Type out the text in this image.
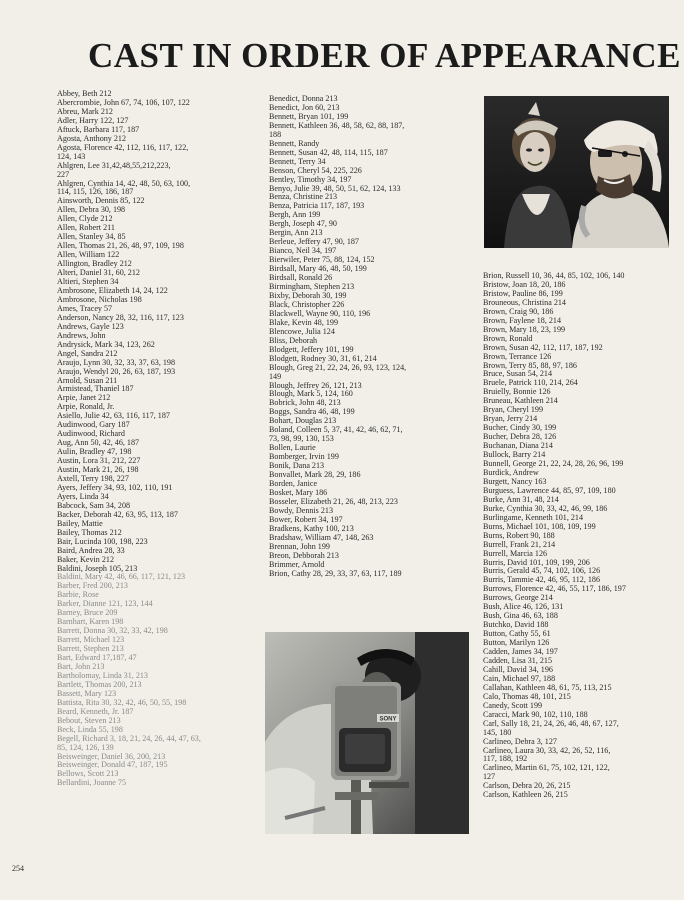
CAST IN ORDER OF APPEARANCE
Abbey, Beth 212
Abercrombie, John 67, 74, 106, 107, 122
Abreu, Mark 212
Adler, Harry 122, 127
Aftuck, Barbara 117, 187
Agosta, Anthony 212
Agosta, Florence 42, 112, 116, 117, 122,
124, 143
Ahlgren, Lee 31,42,48,55,212,223,
227
Ahlgren, Cynthia 14, 42, 48, 50, 63, 100,
114, 115, 126, 186, 187
Ainsworth, Dennis 85, 122
Allen, Debra 30, 198
Allen, Clyde 212
Allen, Robert 211
Allen, Stanley 34, 85
Allen, Thomas 21, 26, 48, 97, 109, 198
Allen, William 122
Allington, Bradley 212
Alteri, Daniel 31, 60, 212
Altieri, Stephen 34
Ambrosone, Elizabeth 14, 24, 122
Ambrosone, Nicholas 198
Ames, Tracey 57
Anderson, Nancy 28, 32, 116, 117, 123
Andrews, Gayle 123
Andrews, John
Andrysick, Mark 34, 123, 262
Angel, Sandra 212
Araujo, Lynn 30, 32, 33, 37, 63, 198
Araujo, Wendyl 20, 26, 63, 187, 193
Arnold, Susan 211
Armistead, Thaniel 187
Arpie, Janet 212
Arpie, Ronald, Jr.
Asiello, Julie 42, 63, 116, 117, 187
Audinwood, Gary 187
Audinwood, Richard
Aug, Ann 50, 42, 46, 187
Aulin, Bradley 47, 198
Austin, Lora 31, 212, 227
Austin, Mark 21, 26, 198
Axtell, Terry 198, 227
Ayers, Jeffery 34, 93, 102, 110, 191
Ayers, Linda 34
Babcock, Sam 34, 208
Backer, Deborah 42, 63, 95, 113, 187
Bailey, Mattie
Bailey, Thomas 212
Bair, Lucinda 100, 198, 223
Baird, Andrea 28, 33
Baker, Kevin 212
Baldini, Joseph 105, 213
Baldini, Mary 42, 46, 66, 117, 121, 123
Barber, Fred 200, 213
Barbie, Rose
Barker, Dianne 121, 123, 144
Barney, Bruce 209
Barnhart, Karen 198
Barrett, Donna 30, 32, 33, 42, 198
Barrett, Michael 123
Barrett, Stephen 213
Bart, Edward 17,187, 47
Bart, John 213
Bartholomay, Linda 31, 213
Bartlett, Thomas 200, 213
Bassett, Mary 123
Battista, Rita 30, 32, 42, 46, 50, 55, 198
Beard, Kenneth, Jr. 187
Bebout, Steven 213
Beck, Linda 55, 198
Begell, Richard 3, 18, 21, 24, 26, 44, 47, 63,
85, 124, 126, 139
Beisweinger, Daniel 36, 200, 213
Beisweinger, Donald 47, 187, 195
Bellows, Scott 213
Bellardini, Joanne 75
Benedict, Donna 213
Benedict, Jon 60, 213
Bennett, Bryan 101, 199
Bennett, Kathleen 36, 48, 58, 62, 88, 187,
188
Bennett, Randy
Bennett, Susan 42, 48, 114, 115, 187
Bennett, Terry 34
Benson, Cheryl 54, 225, 226
Bentley, Timothy 34, 197
Benyo, Julie 39, 48, 50, 51, 62, 124, 133
Benza, Christine 213
Benza, Patricia 117, 187, 193
Bergh, Ann 199
Bergh, Joseph 47, 90
Bergin, Ann 213
Berleue, Jeffery 47, 90, 187
Bianco, Neil 34, 197
Bierwiler, Peter 75, 88, 124, 152
Birdsall, Mary 46, 48, 50, 199
Birdsall, Ronald 26
Birmingham, Stephen 213
Bixby, Deborah 30, 199
Black, Christopher 226
Blackwell, Wayne 90, 110, 196
Blake, Kevin 48, 199
Blencowe, Julia 124
Bliss, Deborah
Blodgett, Jeffery 101, 199
Blodgett, Rodney 30, 31, 61, 214
Blough, Greg 21, 22, 24, 26, 93, 123, 124,
149
Blough, Jeffrey 26, 121, 213
Blough, Mark 5, 124, 160
Bobrick, John 48, 213
Boggs, Sandra 46, 48, 199
Bohart, Douglas 213
Boland, Colleen 5, 37, 41, 42, 46, 62, 71,
73, 98, 99, 130, 153
Bollen, Laurie
Bomberger, Irvin 199
Bonik, Dana 213
Bonvallet, Mark 28, 29, 186
Borden, Janice
Bosket, Mary 186
Bosseler, Elizabeth 21, 26, 48, 213, 223
Bowdy, Dennis 213
Bower, Robert 34, 197
Bradkens, Kathy 100, 213
Bradshaw, William 47, 148, 263
Brennan, John 199
Breon, Debborah 213
Brimmer, Arnold
Brion, Cathy 28, 29, 33, 37, 63, 117, 189
Brion, Russell 10, 36, 44, 85, 102, 106, 140
Bristow, Joan 18, 20, 186
Bristow, Pauline 86, 199
Brouneous, Christina 214
Brown, Craig 90, 186
Brown, Faylene 18, 214
Brown, Mary 18, 23, 199
Brown, Ronald
Brown, Susan 42, 112, 117, 187, 192
Brown, Terrance 126
Brown, Terry 85, 88, 97, 186
Bruce, Susan 54, 214
Bruele, Patrick 110, 214, 264
Bruielly, Bonnie 126
Bruneau, Kathleen 214
Bryan, Cheryl 199
Bryan, Jerry 214
Bucher, Cindy 30, 199
Bucher, Debra 28, 126
Buchanan, Diana 214
Bullock, Barry 214
Bunnell, George 21, 22, 24, 28, 26, 96, 199
Burdick, Andrew
Burgett, Nancy 163
Burguess, Lawrence 44, 85, 97, 109, 180
Burke, Ann 31, 48, 214
Burke, Cynthia 30, 33, 42, 46, 99, 186
Burlingame, Kenneth 101, 214
Burns, Michael 101, 108, 109, 199
Burns, Robert 90, 188
Burrell, Frank 21, 214
Burrell, Marcia 126
Burris, David 101, 109, 199, 206
Burris, Gerald 45, 74, 102, 106, 126
Burris, Tammie 42, 46, 95, 112, 186
Burrows, Florence 42, 46, 55, 117, 186, 197
Burrows, George 214
Bush, Alice 46, 126, 131
Bush, Gina 46, 63, 188
Butchko, David 188
Button, Cathy 55, 61
Button, Marilyn 126
Cadden, James 34, 197
Cadden, Lisa 31, 215
Cahill, David 34, 196
Cain, Michael 97, 188
Callahan, Kathleen 48, 61, 75, 113, 215
Calo, Thomas 48, 101, 215
Canedy, Scott 199
Caracci, Mark 90, 102, 110, 188
Carl, Sally 18, 21, 24, 26, 46, 48, 67, 127,
145, 180
Carlineo, Debra 3, 127
Carlineo, Laura 30, 33, 42, 26, 52, 116,
117, 188, 192
Carlineo, Martin 61, 75, 102, 121, 122,
127
Carlson, Debra 20, 26, 215
Carlson, Kathleen 26, 215
SONY
254
